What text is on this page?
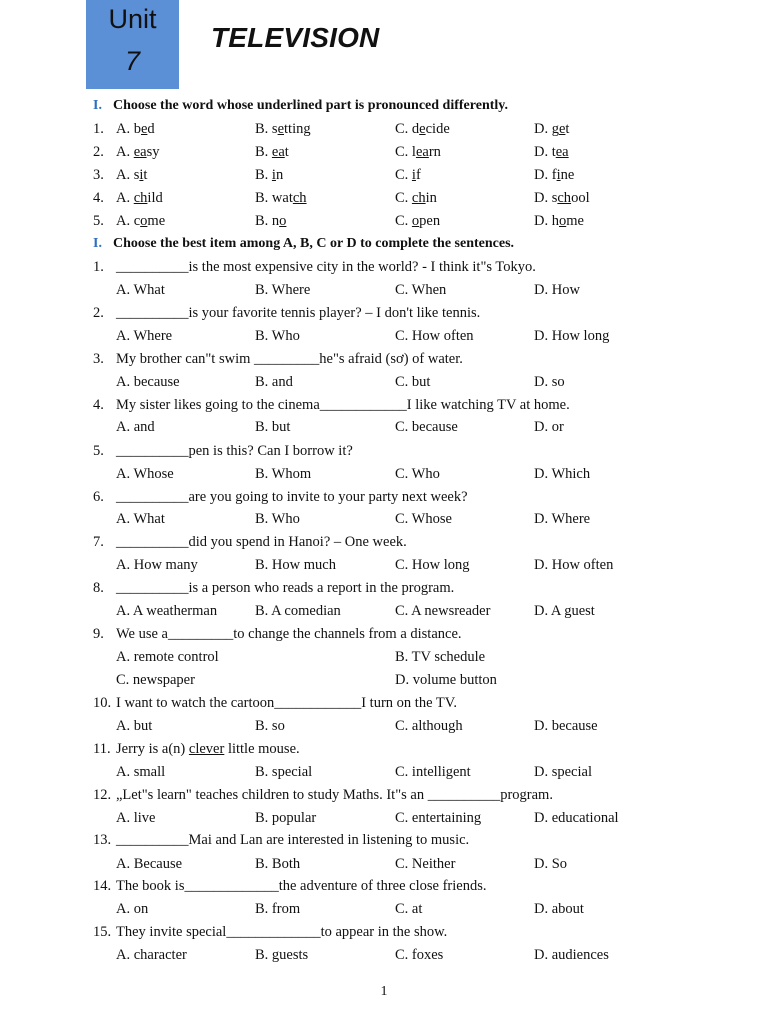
Unit
7
TELEVISION
I. Choose the word whose underlined part is pronounced differently.
1. A. bed	B. setting	C. decide	D. get
2. A. easy	B. eat	C. learn	D. tea
3. A. sit	B. in	C. if	D. fine
4. A. child	B. watch	C. chin	D. school
5. A. come	B. no	C. open	D. home
I. Choose the best item among A, B, C or D to complete the sentences.
1. __________is the most expensive city in the world? - I think it"s Tokyo.
A. What	B. Where	C. When	D. How
2. __________is your favorite tennis player? – I don't like tennis.
A. Where	B. Who	C. How often	D. How long
3. My brother can"t swim _________he"s afraid (sơ) of water.
A. because	B. and	C. but	D. so
4. My sister likes going to the cinema____________I like watching TV at home.
A. and	B. but	C. because	D. or
5. __________pen is this? Can I borrow it?
A. Whose	B. Whom	C. Who	D. Which
6. __________are you going to invite to your party next week?
A. What	B. Who	C. Whose	D. Where
7. __________did you spend in Hanoi? – One week.
A. How many	B. How much	C. How long	D. How often
8. __________is a person who reads a report in the program.
A. A weatherman	B. A comedian	C. A newsreader	D. A guest
9. We use a_________to change the channels from a distance.
A. remote control	B. TV schedule
C. newspaper	D. volume button
10. I want to watch the cartoon____________I turn on the TV.
A. but	B. so	C. although	D. because
11. Jerry is a(n) clever little mouse.
A. small	B. special	C. intelligent	D. special
12. „Let"s learn" teaches children to study Maths. It"s an __________program.
A. live	B. popular	C. entertaining	D. educational
13. __________Mai and Lan are interested in listening to music.
A. Because	B. Both	C. Neither	D. So
14. The book is_____________the adventure of three close friends.
A. on	B. from	C. at	D. about
15. They invite special_____________to appear in the show.
A. character	B. guests	C. foxes	D. audiences
1
